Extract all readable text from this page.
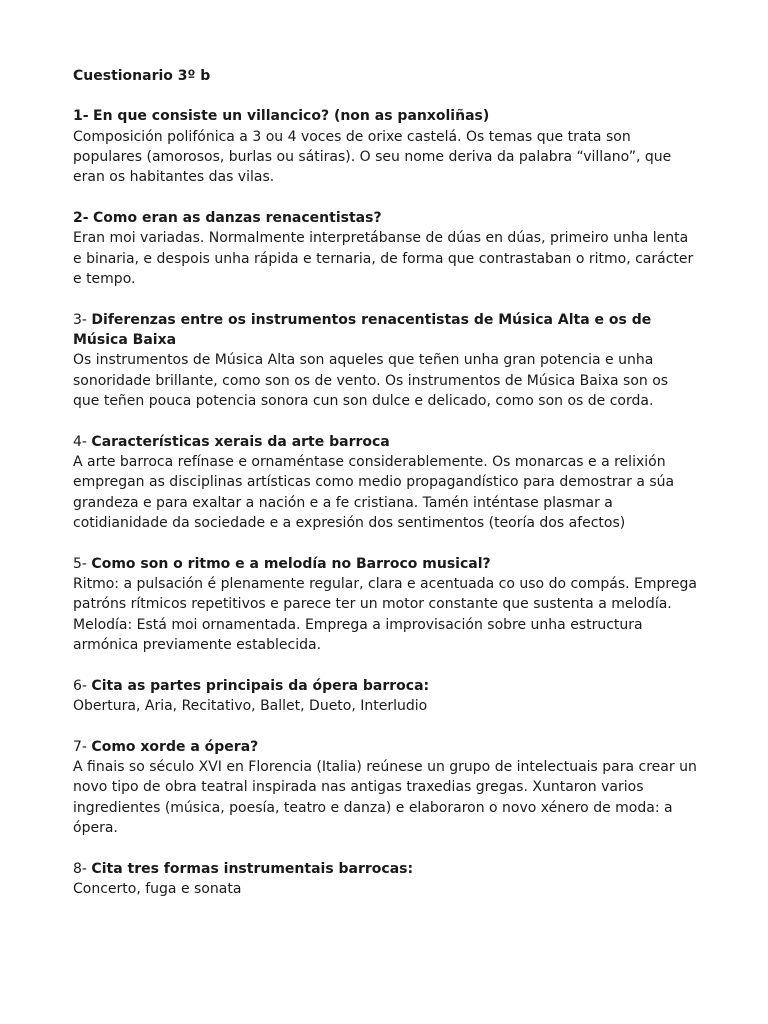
Cuestionario 3º b

1- En que consiste un villancico? (non as panxoliñas)

Composición polifónica a 3 ou 4 voces de orixe castelá. Os temas que trata son populares (amorosos, burlas ou sátiras). O seu nome deriva da palabra “villano”, que eran os habitantes das vilas.

2- Como eran as danzas renacentistas?

Eran moi variadas. Normalmente interpretábanse de dúas en dúas, primeiro unha lenta e binaria, e despois unha rápida e ternaria, de forma que contrastaban o ritmo, carácter e tempo.

3- Diferenzas entre os instrumentos renacentistas de Música Alta e os de Música Baixa

Os instrumentos de Música Alta son aqueles que teñen unha gran potencia e unha sonoridade brillante, como son os de vento. Os instrumentos de Música Baixa son os que teñen pouca potencia sonora cun son dulce e delicado, como son os de corda.

4- Características xerais da arte barroca

A arte barroca refínase e ornaméntase considerablemente. Os monarcas e a relixión empregan as disciplinas artísticas como medio propagandístico para demostrar a súa grandeza e para exaltar a nación e a fe cristiana. Tamén inténtase plasmar a cotidianidade da sociedade e a expresión dos sentimentos (teoría dos afectos)

5- Como son o ritmo e a melodía no Barroco musical?

Ritmo: a pulsación é plenamente regular, clara e acentuada co uso do compás. Emprega patróns rítmicos repetitivos e parece ter un motor constante que sustenta a melodía. Melodía: Está moi ornamentada. Emprega a improvisación sobre unha estructura armónica previamente establecida.

6- Cita as partes principais da ópera barroca:

Obertura, Aria, Recitativo, Ballet, Dueto, Interludio

7- Como xorde a ópera?

A finais so século XVI en Florencia (Italia) reúnese un grupo de intelectuais para crear un novo tipo de obra teatral inspirada nas antigas traxedias gregas. Xuntaron varios ingredientes (música, poesía, teatro e danza) e elaboraron o novo xénero de moda: a ópera.

8- Cita tres formas instrumentais barrocas:

Concerto, fuga e sonata
